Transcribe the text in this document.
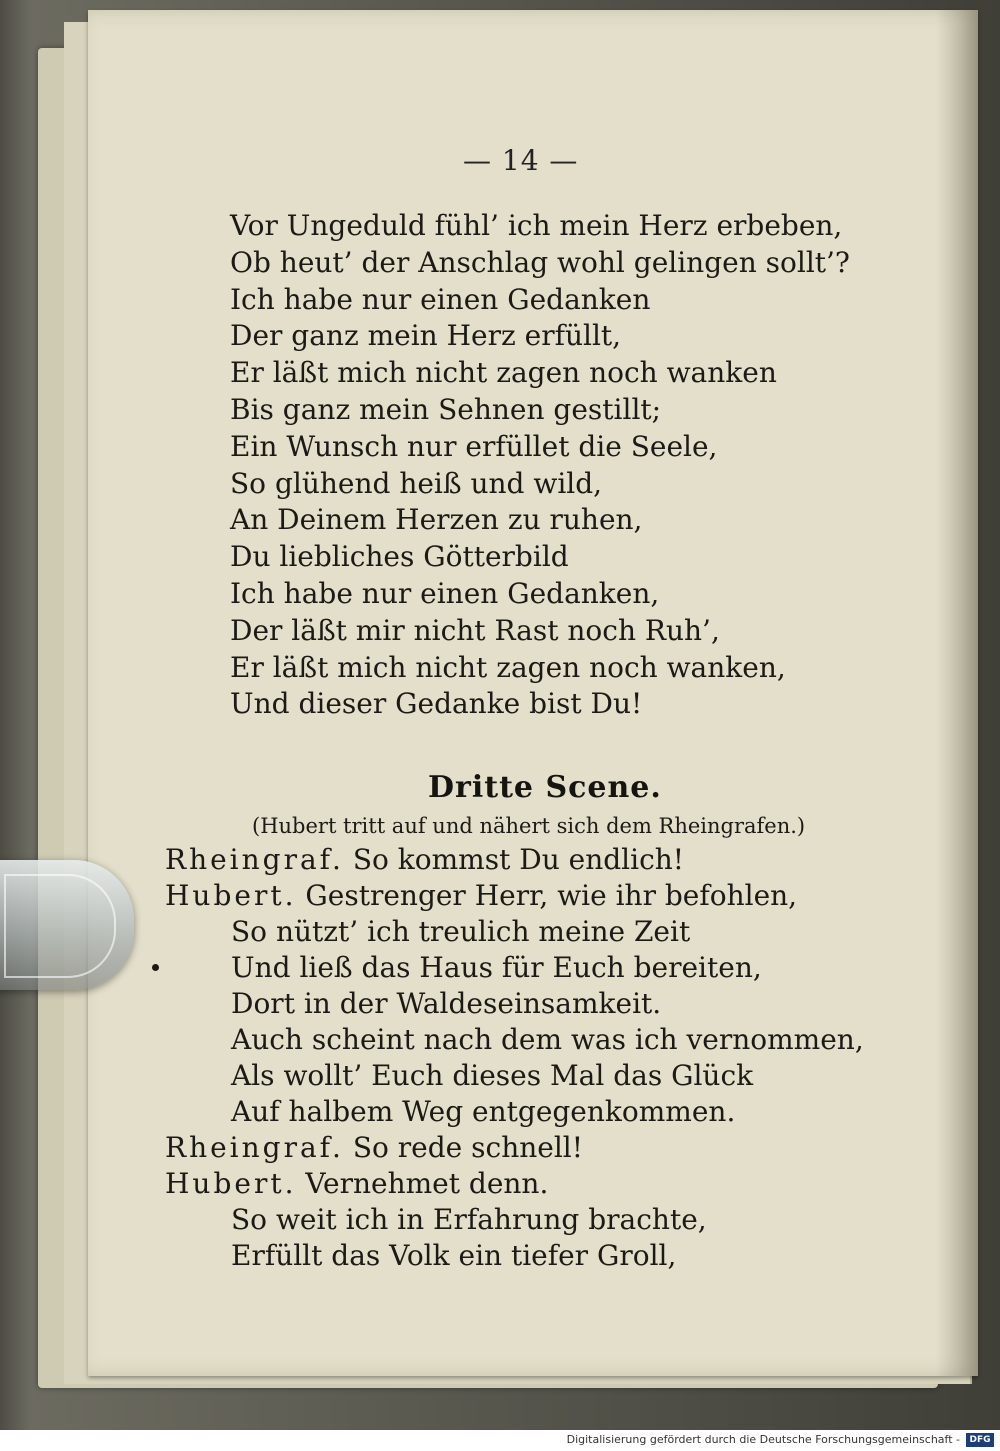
— 14 —
Vor Ungeduld fühl’ ich mein Herz erbeben,
Ob heut’ der Anschlag wohl gelingen sollt’?
Ich habe nur einen Gedanken
Der ganz mein Herz erfüllt,
Er läßt mich nicht zagen noch wanken
Bis ganz mein Sehnen gestillt;
Ein Wunsch nur erfüllet die Seele,
So glühend heiß und wild,
An Deinem Herzen zu ruhen,
Du liebliches Götterbild
Ich habe nur einen Gedanken,
Der läßt mir nicht Rast noch Ruh’,
Er läßt mich nicht zagen noch wanken,
Und dieser Gedanke bist Du!
Dritte Scene.
(Hubert tritt auf und nähert sich dem Rheingrafen.)
Rheingraf. So kommst Du endlich!
Hubert. Gestrenger Herr, wie ihr befohlen,
So nützt’ ich treulich meine Zeit
Und ließ das Haus für Euch bereiten,
Dort in der Waldeseinsamkeit.
Auch scheint nach dem was ich vernommen,
Als wollt’ Euch dieses Mal das Glück
Auf halbem Weg entgegenkommen.
Rheingraf. So rede schnell!
Hubert. Vernehmet denn.
So weit ich in Erfahrung brachte,
Erfüllt das Volk ein tiefer Groll,
Digitalisierung gefördert durch die Deutsche Forschungsgemeinschaft -	DFG
